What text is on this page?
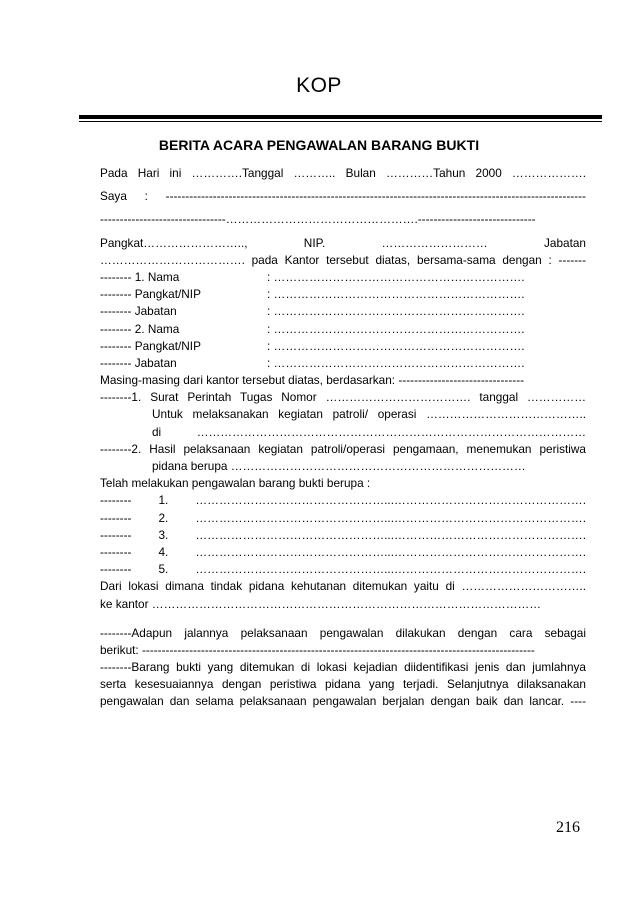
KOP
BERITA ACARA PENGAWALAN BARANG BUKTI
Pada Hari ini ………….Tanggal ……….. Bulan …………Tahun 2000 ……………….
Saya : -----------------------------------------------------------------------------------------------------------
--------------------------------………………………………………….------------------------------
Pangkat…………………….., NIP. ……………………… Jabatan
………………………………. pada Kantor tersebut diatas, bersama-sama dengan : -------
-------- 1. Nama	: ……………………………………………………….
-------- Pangkat/NIP	: ……………………………………………………….
-------- Jabatan	: ……………………………………………………….
-------- 2. Nama	: ……………………………………………………….
-------- Pangkat/NIP	: ……………………………………………………….
-------- Jabatan	: ……………………………………………………….
Masing-masing dari kantor tersebut diatas, berdasarkan: --------------------------------
--------1. Surat Perintah Tugas Nomor ………………………………. tanggal ……………
Untuk melaksanakan kegiatan patroli/ operasi …………………………………..
di ………………………………………………………………………………………
--------2. Hasil pelaksanaan kegiatan patroli/operasi pengamaan, menemukan peristiwa
pidana berupa …………………………………………………………………
Telah melakukan pengawalan barang bukti berupa :
-------- 1. …………………………………………...………………………………………….
-------- 2. …………………………………………...………………………………………….
-------- 3. …………………………………………...………………………………………….
-------- 4. …………………………………………...………………………………………….
-------- 5. …………………………………………...………………………………………….
Dari lokasi dimana tindak pidana kehutanan ditemukan yaitu di …………………………..
ke kantor ………………………………………………………………………………………
--------Adapun jalannya pelaksanaan pengawalan dilakukan dengan cara sebagai
berikut: ----------------------------------------------------------------------------------------------------
--------Barang bukti yang ditemukan di lokasi kejadian diidentifikasi jenis dan jumlahnya
serta kesesuaiannya dengan peristiwa pidana yang terjadi. Selanjutnya dilaksanakan
pengawalan dan selama pelaksanaan pengawalan berjalan dengan baik dan lancar. ----
216
